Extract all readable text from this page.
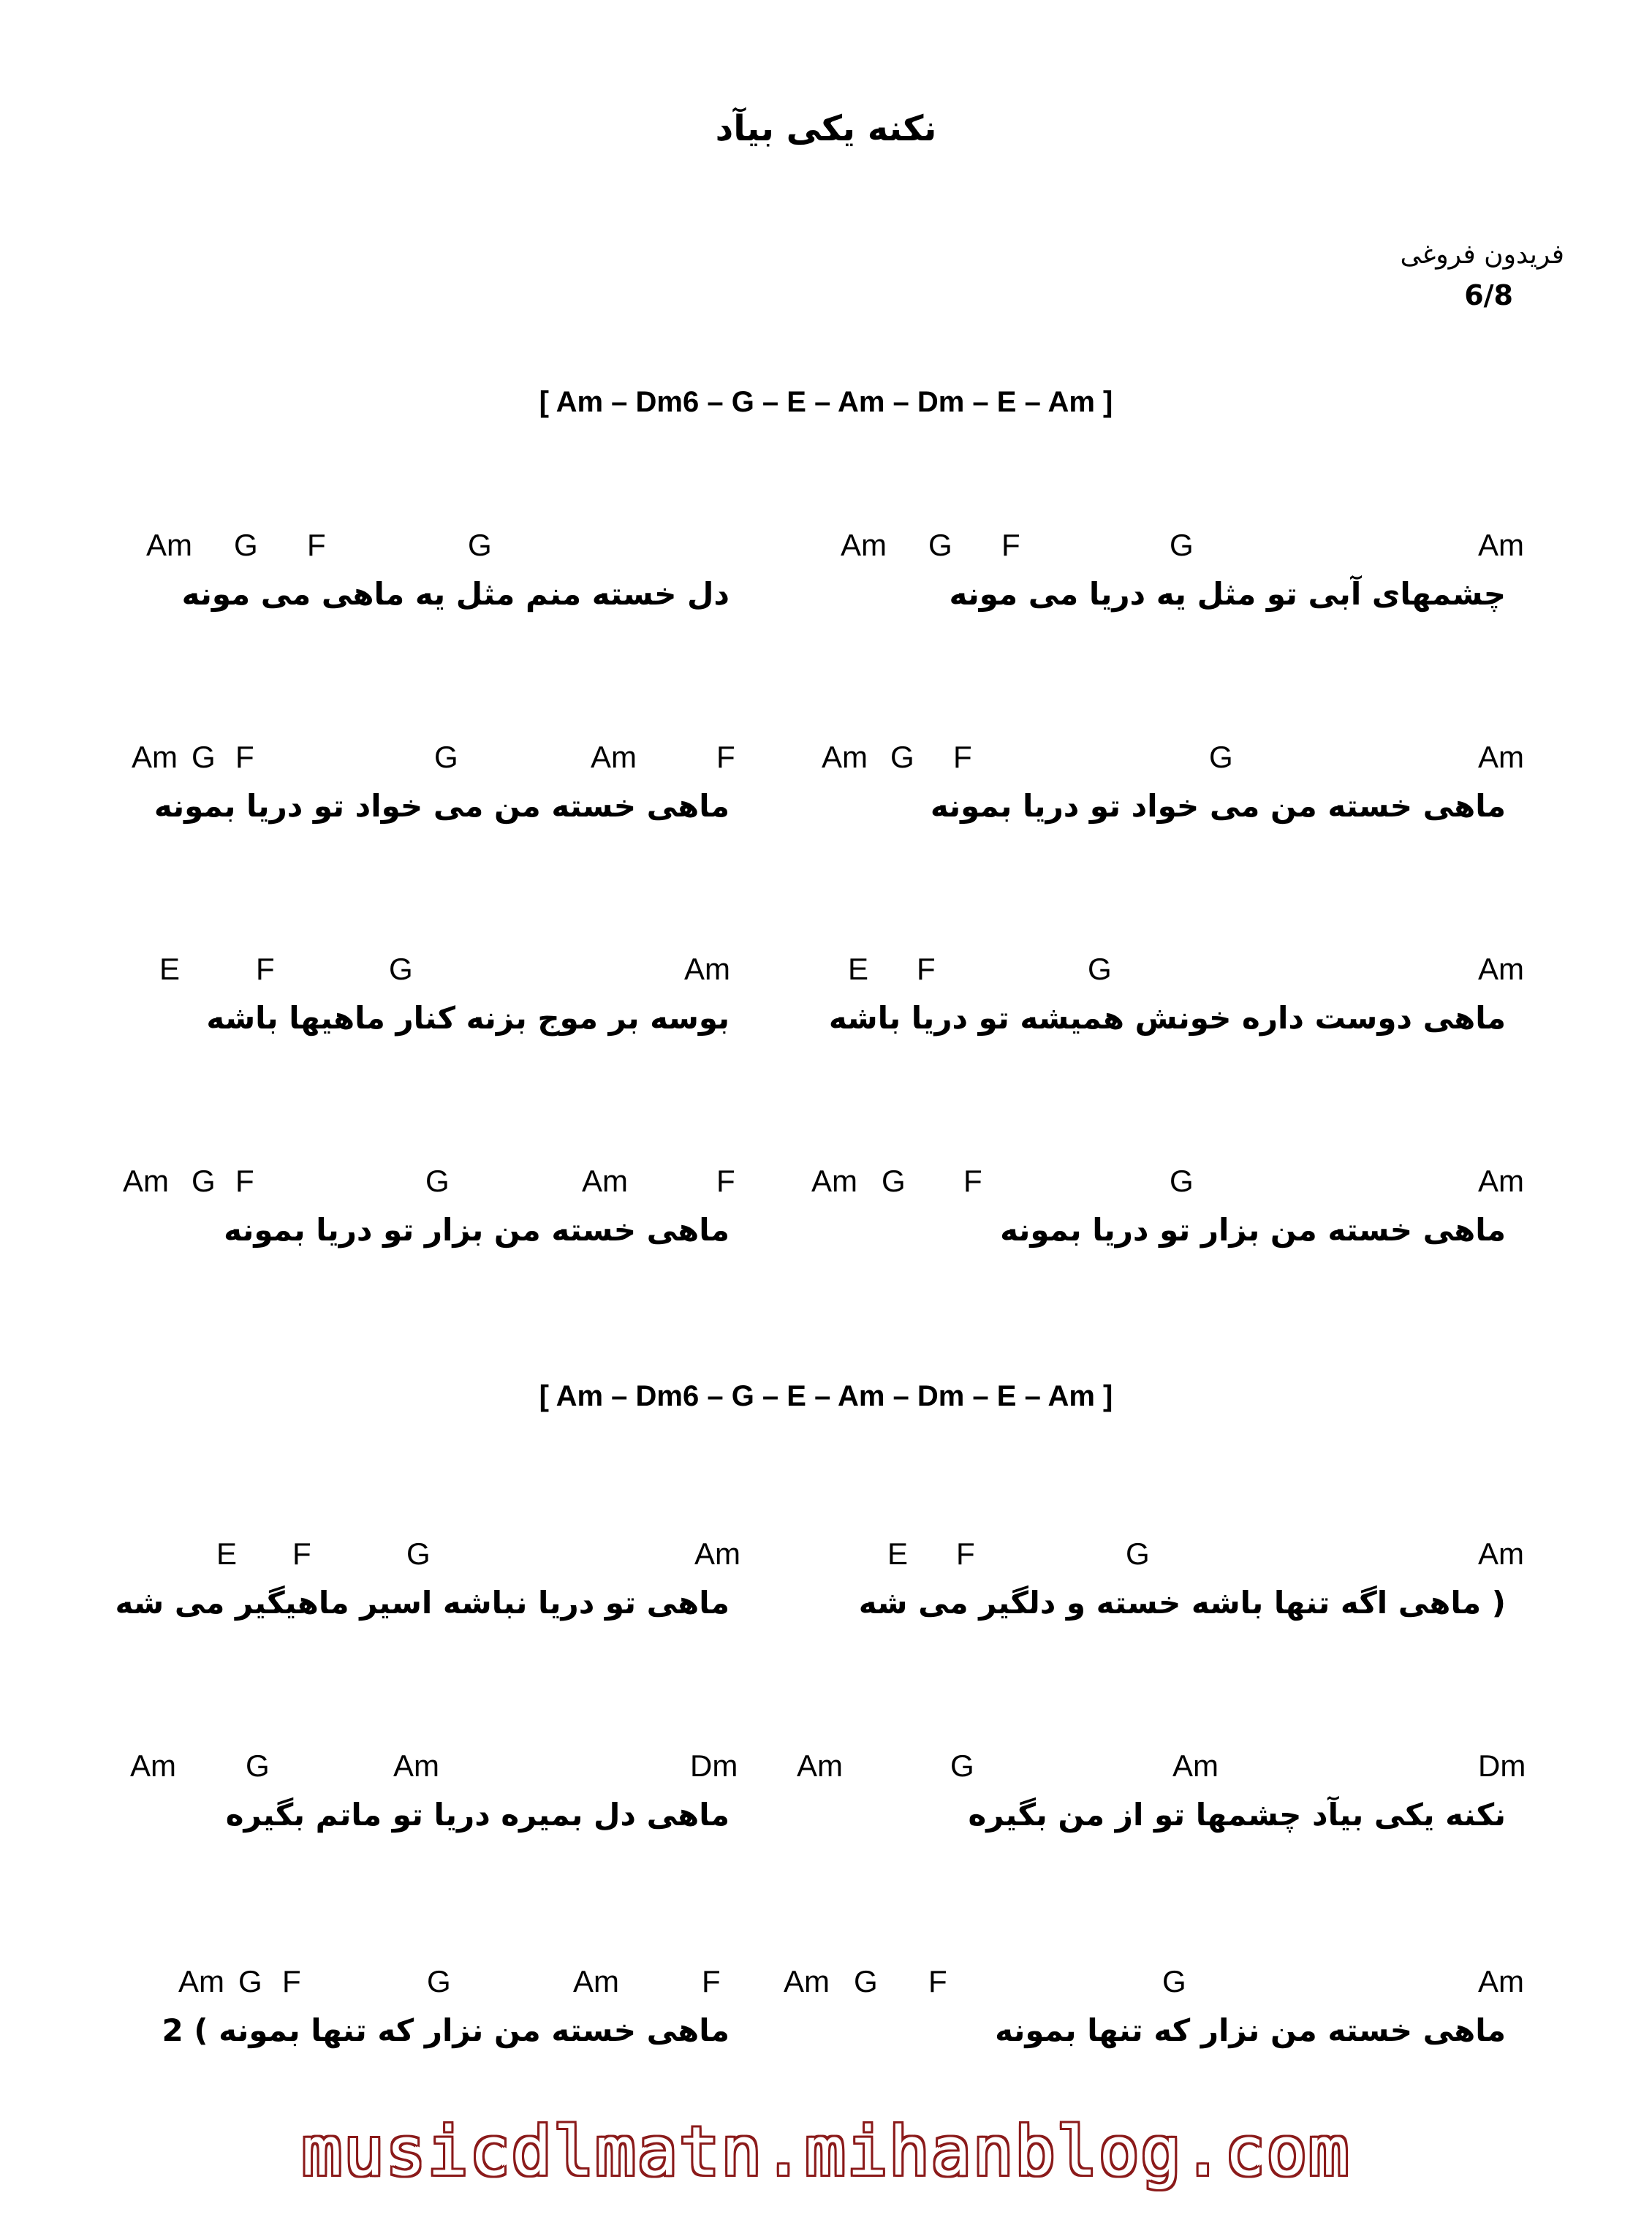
نکنه یکی بیآد
فریدون فروغی
6/8
[ Am – Dm6 – G – E – Am – Dm – E – Am ]
[ Am – Dm6 – G – E – Am – Dm – E – Am ]
Am G F	G	Am
Am G F	G
چشمهای آبی تو مثل یه دریا می مونه
دل خسته منم مثل یه ماهی می مونه
Am G F	G	Am
Am G F	G	Am	F
ماهی خسته من می خواد تو دریا بمونه
ماهی خسته من می خواد تو دریا بمونه
E F	G	Am
E F	G	Am
ماهی دوست داره خونش همیشه تو دریا باشه
بوسه بر موج بزنه کنار ماهیها باشه
Am G F	G	Am
Am G F	G	Am	F
ماهی خسته من بزار تو دریا بمونه
ماهی خسته من بزار تو دریا بمونه
E F	G	Am
E F	G	Am
( ماهی اگه تنها باشه خسته و دلگیر می شه
ماهی تو دریا نباشه اسیر ماهیگیر می شه
Am	G	Am	Dm
Am G	Am	Dm
نکنه یکی بیآد چشمها تو از من بگیره
ماهی دل بمیره دریا تو ماتم بگیره
Am G F	G	Am
Am G F	G	Am	F
ماهی خسته من نزار که تنها بمونه
ماهی خسته من نزار که تنها بمونه ) 2
musicdlmatn.mihanblog.com
